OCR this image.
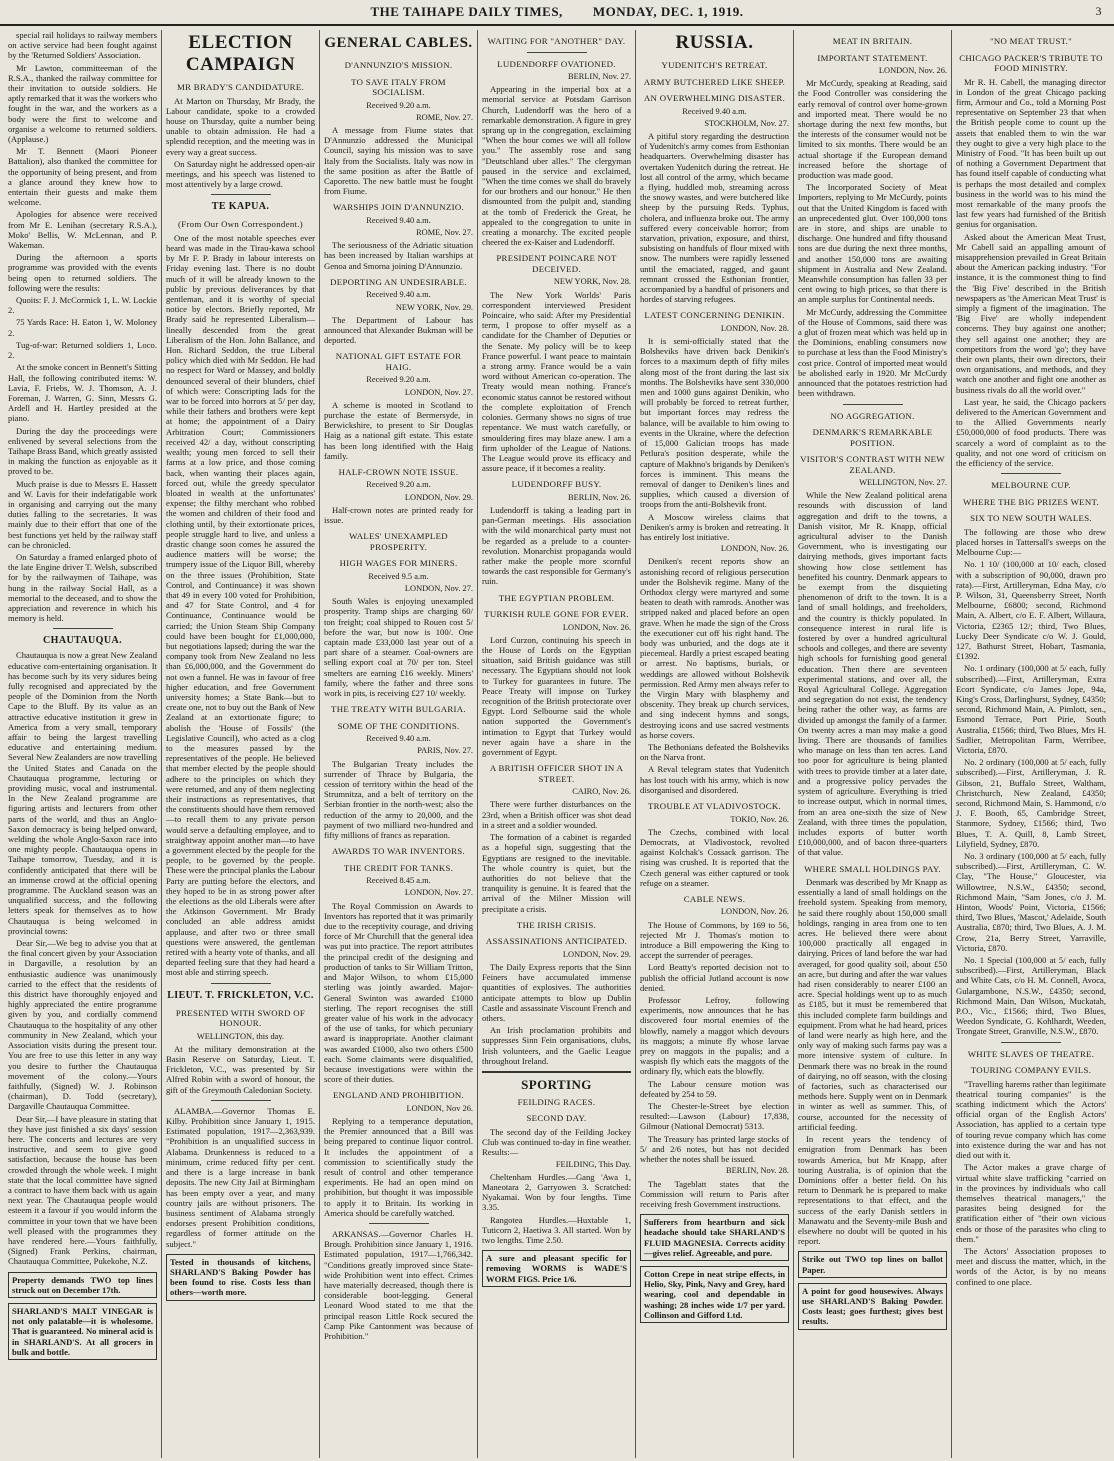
THE TAIHAPE DAILY TIMES, MONDAY, DEC. 1, 1919.	3

special rail holidays to railway members on active service had been fought against by the 'Returned Soldiers' Association.

Mr Lawton, committeeman of the R.S.A., thanked the railway committee for their invitation to outside soldiers. He aptly remarked that it was the workers who fought in the war, and the workers as a body were the first to welcome and organise a welcome to returned soldiers. (Applause.)

Mr T. Bennett (Maori Pioneer Battalion), also thanked the committee for the opportunity of being present, and from a glance around they knew how to entertain their guests and make them welcome.

Apologies for absence were received from Mr E. Lenihan (secretary R.S.A.), Moko' Bellis, W. McLennan, and P. Wakeman.

During the afternoon a sports programme was provided with the events being open to returned soldiers. The following were the results:

Quoits: F. J. McCormick 1, L. W. Lockie 2.

75 Yards Race: H. Eaton 1, W. Moloney 2.

Tug-of-war: Returned soldiers 1, Loco. 2.

At the smoke concert in Bennett's Sitting Hall, the following contributed items: W. Lavia, F. Friebs, W. J. Thomson, A. J. Foreman, J. Warren, G. Sinn, Messrs G. Ardell and H. Hartley presided at the piano.

During the day the proceedings were enlivened by several selections from the Taihape Brass Band, which greatly assisted in making the function as enjoyable as it proved to be.

Much praise is due to Messrs E. Hassett and W. Lavis for their indefatigable work in organising and carrying out the many duties falling to the secretaries. It was mainly due to their effort that one of the best functions yet held by the railway staff can be chronicled.

On Saturday a framed enlarged photo of the late Engine driver T. Welsh, subscribed for by the railwaymen of Taihape, was hung in the railway Social Hall, as a memorial to the deceased, and to show the appreciation and reverence in which his memory is held.

CHAUTAUQUA.

Chautauqua is now a great New Zealand educative com-entertaining organisation. It has become such by its very sidures being fully recognised and appreciated by the people of the Dominion from the North Cape to the Bluff. By its value as an attractive educative institution it grew in America from a very small, temporary affair to being the largest travelling educative and entertaining medium. Several New Zealanders are now travelling the United States and Canada on the Chautauqua programme, lecturing or providing music, vocal and instrumental. In the New Zealand programme are figuring artists and lecturers from other parts of the world, and thus an Anglo-Saxon democracy is being helped onward, welding the whole Anglo-Saxon race into one mighty people. Chautauqua opens in Taihape tomorrow, Tuesday, and it is confidently anticipated that there will be an immense crowd at the official opening programme. The Auckland season was an unqualified success, and the following letters speak for themselves as to how Chautauqua is being welcomed in provincial towns:

Dear Sir,—We beg to advise you that at the final concert given by your Association in Dargaville, a resolution by an enthusiastic audience was unanimously carried to the effect that the residents of this district have thoroughly enjoyed and highly appreciated the entire programme given by you, and cordially commend Chautauqua to the hospitality of any other community in New Zealand, which your Association visits during the present tour. You are free to use this letter in any way you desire to further the Chautauqua movement of the colony.—Yours faithfully, (Signed) W. J. Robinson (chairman), D. Todd (secretary), Dargaville Chautauqua Committee.

Dear Sir,—I have pleasure in stating that they have just finished a six days' session here. The concerts and lectures are very instructive, and seem to give good satisfaction, because the house has been crowded through the whole week. I might state that the local committee have signed a contract to have them back with us again next year. The Chautauqua people would esteem it a favour if you would inform the committee in your town that we have been well pleased with the programmes they have rendered here.—Yours faithfully, (Signed) Frank Perkins, chairman, Chautauqua Committee, Pukekohe, N.Z.

Property demands TWO top lines struck out on December 17th.

SHARLAND'S MALT VINEGAR is not only palatable—it is wholesome. That is guaranteed. No mineral acid is in SHARLAND'S. At all grocers in bulk and bottle.

ELECTION CAMPAIGN
MR BRADY'S CANDIDATURE.

At Marton on Thursday, Mr Brady, the Labour candidate, spoke to a crowded house on Thursday, quite a number being unable to obtain admission. He had a splendid reception, and the meeting was in every way a great success.

On Saturday night he addressed open-air meetings, and his speech was listened to most attentively by a large crowd.

TE KAPUA.
(From Our Own Correspondent.)

One of the most notable speeches ever heard was made in the Tirau-kawa school by Mr F. P. Brady in labour interests on Friday evening last. There is no doubt much of it will be already known to the public by previous deliverances by that gentleman, and it is worthy of special notice by electors. Briefly reported, Mr Brady said he represented Liberalism—lineally descended from the great Liberalism of the Hon. John Ballance, and Hon. Richard Seddon, the true Liberal policy which died with Mr Seddon. He had no respect for Ward or Massey, and boldly denounced several of their blunders, chief of which were: Conscripting lads for the war to be forced into horrors at 5/ per day, while their fathers and brothers were kept at home; the appointment of a Dairy Arbitration Court; Commissioners received 42/ a day, without conscripting wealth; young men forced to sell their farms at a low price, and those coming back, when wanting their places again, forced out, while the greedy speculator bloated in wealth at the unfortunates' expense; the filthy merchant who robbed the women and children of their food and clothing until, by their extortionate prices, people struggle hard to live, and unless a drastic change soon comes he assured the audience matters will be worse; the trumpery issue of the Liquor Bill, whereby on the three issues (Prohibition, State Control, and Continuance) it was shown that 49 in every 100 voted for Prohibition, and 47 for State Control, and 4 for Continuance, Continuance would be carried; the Union Steam Ship Company could have been bought for £1,000,000, but negotiations lapsed; during the war the company took from New Zealand no less than £6,000,000, and the Government do not own a funnel. He was in favour of free higher education, and free Government university homes; a State Bank—but to create one, not to buy out the Bank of New Zealand at an extortionate figure; to abolish the 'House of Fossils' (the Legislative Council), who acted as a clog to the measures passed by the representatives of the people. He believed that member elected by the people should adhere to the principles on which they were returned, and any of them neglecting their instructions as representatives, that the constituents should have them removed—to recall them to any private person would serve a defaulting employee, and to straightway appoint another man—to have a government elected by the people for the people, to be governed by the people. These were the principal planks the Labour Party are putting before the electors, and they hoped to be in as strong power after the elections as the old Liberals were after the Atkinson Government. Mr Brady concluded an able address amidst applause, and after two or three small questions were answered, the gentleman retired with a hearty vote of thanks, and all departed feeling sure that they had heard a most able and stirring speech.

LIEUT. T. FRICKLETON, V.C.
PRESENTED WITH SWORD OF HONOUR.

WELLINGTON, this day.

At the military demonstration at the Basin Reserve on Saturday, Lieut. T. Frickleton, V.C., was presented by Sir Alfred Robin with a sword of honour, the gift of the Greymouth Caledonian Society.

ALAMBA.—Governor Thomas E. Kilby. Prohibition since January 1, 1915. Estimated population, 1917—2,363,939. "Prohibition is an unqualified success in Alabama. Drunkenness is reduced to a minimum, crime reduced fifty per cent. and there is a large increase in bank deposits. The new City Jail at Birmingham has been empty over a year, and many country jails are without prisoners. The business sentiment of Alabama strongly endorses present Prohibition conditions, regardless of former attitude on the subject."

Tested in thousands of kitchens, SHARLAND'S Baking Powder has been found to rise. Costs less than others—worth more.

GENERAL CABLES.
D'ANNUNZIO'S MISSION.
TO SAVE ITALY FROM SOCIALISM.

Received 9.20 a.m.

ROME, Nov. 27.

A message from Fiume states that D'Annunzio addressed the Municipal Council, saying his mission was to save Italy from the Socialists. Italy was now in the same position as after the Battle of Caporetto. The new battle must be fought from Fiume.

WARSHIPS JOIN D'ANNUNZIO.

Received 9.40 a.m.

ROME, Nov. 27.

The seriousness of the Adriatic situation has been increased by Italian warships at Genoa and Smorna joining D'Annunzio.

DEPORTING AN UNDESIRABLE.

Received 9.40 a.m.

NEW YORK, Nov. 29.

The Department of Labour has announced that Alexander Bukman will be deported.

NATIONAL GIFT ESTATE FOR HAIG.

Received 9.20 a.m.

LONDON, Nov. 27.

A scheme is mooted in Scotland to purchase the estate of Bermersyde, in Berwickshire, to present to Sir Douglas Haig as a national gift estate. This estate has been long identified with the Haig family.

HALF-CROWN NOTE ISSUE.

Received 9.20 a.m.

LONDON, Nov. 29.

Half-crown notes are printed ready for issue.

WALES' UNEXAMPLED PROSPERITY.
HIGH WAGES FOR MINERS.

Received 9.5 a.m.

LONDON, Nov. 27.

South Wales is enjoying unexampled prosperity. Tramp ships are charging 60/ ton freight; coal shipped to Rouen cost 5/ before the war, but now is 100/. One captain made £33,000 last year out of a part share of a steamer. Coal-owners are selling export coal at 70/ per ton. Steel smelters are earning £16 weekly. Miners' family, where the father and three sons work in pits, is receiving £27 10/ weekly.

THE TREATY WITH BULGARIA.
SOME OF THE CONDITIONS.

Received 9.40 a.m.

PARIS, Nov. 27.

The Bulgarian Treaty includes the surrender of Thrace by Bulgaria, the cession of territory within the head of the Strumnitza, and a belt of territory on the Serbian frontier in the north-west; also the reduction of the army to 20,000, and the payment of two milliard two-hundred and fifty millions of francs as reparation.

AWARDS TO WAR INVENTORS.
THE CREDIT FOR TANKS.

Received 8.45 a.m.

LONDON, Nov. 27.

The Royal Commission on Awards to Inventors has reported that it was primarily due to the receptivity courage, and driving force of Mr Churchill that the general idea was put into practice. The report attributes the principal credit of the designing and production of tanks to Sir William Tritton, and Major Wilson, to whom £15,000 sterling was jointly awarded. Major-General Swinton was awarded £1000 sterling. The report recognises the still greater value of his work in the advocacy of the use of tanks, for which pecuniary award is inappropriate. Another claimant was awarded £1000, also two others £500 each. Some claimants were disqualified, because investigations were within the score of their duties.

ENGLAND AND PROHIBITION.

LONDON, Nov 26.

Replying to a temperance deputation, the Premier announced that a Bill was being prepared to continue liquor control. It includes the appointment of a commission to scientifically study the result of control and other temperance experiments. He had an open mind on prohibition, but thought it was impossible to apply it to Britain. Its working in America should be carefully watched.

ARKANSAS.—Governor Charles H. Brough. Prohibition since January 1, 1916. Estimated population, 1917—1,766,342. "Conditions greatly improved since State-wide Prohibition went into effect. Crimes have materially decreased, though there is considerable boot-legging. General Leonard Wood stated to me that the principal reason Little Rock secured the Camp Pike Cantonment was because of Prohibition."

WAITING FOR "ANOTHER" DAY.
LUDENDORFF OVATIONED.

BERLIN, Nov. 27.

Appearing in the imperial box at a memorial service at Potsdam Garrison Church, Ludendorff was the hero of a remarkable demonstration. A figure in grey sprang up in the congregation, exclaiming "When the hour comes we will all follow you." The assembly rose and sang "Deutschland uber alles." The clergyman paused in the service and exclaimed, "When the time comes we shall do bravely for our brothers and our honour." He then dismounted from the pulpit and, standing at the tomb of Frederick the Great, he appealed to the congregation to unite in creating a monarchy. The excited people cheered the ex-Kaiser and Ludendorff.

PRESIDENT POINCARE NOT DECEIVED.

NEW YORK, Nov. 28.

The New York Worlds' Paris correspondent interviewed President Poincaire, who said: After my Presidential term, I propose to offer myself as a candidate for the Chamber of Deputies or the Senate. My policy will be to keep France powerful. I want peace to maintain a strong army. France would be a vain word without American co-operation. The Treaty would mean nothing. France's economic status cannot be restored without the complete exploitation of French colonies. Germany shows no signs of true repentance. We must watch carefully, or smouldering fires may blaze anew. I am a firm upholder of the League of Nations. The League would prove its efficacy and assure peace, if it becomes a reality.

LUDENDORFF BUSY.

BERLIN, Nov. 26.

Ludendorff is taking a leading part in pan-German meetings. His association with the wild monarchical party must not be regarded as a prelude to a counter-revolution. Monarchist propaganda would rather make the people more scornful towards the cast responsible for Germany's ruin.

THE EGYPTIAN PROBLEM.
TURKISH RULE GONE FOR EVER.

LONDON, Nov. 26.

Lord Curzon, continuing his speech in the House of Lords on the Egyptian situation, said British guidance was still necessary. The Egyptians should not look to Turkey for guarantees in future. The Peace Treaty will impose on Turkey recognition of the British protectorate over Egypt. Lord Selbourne said the whole nation supported the Government's intimation to Egypt that Turkey would never again have a share in the government of Egypt.

A BRITISH OFFICER SHOT IN A STREET.

CAIRO, Nov. 26.

There were further disturbances on the 23rd, when a British officer was shot dead in a street and a soldier wounded.

The formation of a cabinet is regarded as a hopeful sign, suggesting that the Egyptians are resigned to the inevitable. The whole country is quiet, but the authorities do not believe that the tranquility is genuine. It is feared that the arrival of the Milner Mission will precipitate a crisis.

THE IRISH CRISIS.
ASSASSINATIONS ANTICIPATED.

LONDON, Nov. 29.

The Daily Express reports that the Sinn Feiners have accumulated immense quantities of explosives. The authorities anticipate attempts to blow up Dublin Castle and assassinate Viscount French and others.

An Irish proclamation prohibits and suppresses Sinn Fein organisations, clubs, Irish volunteers, and the Gaelic League throughout Ireland.

SPORTING
FEILDING RACES.
SECOND DAY.

The second day of the Feilding Jockey Club was continued to-day in fine weather. Results:—

FEILDING, This Day.

Cheltenham Hurdles.—Gang 'Awa 1, Maneotara 2, Garryowen 3. Scratched: Nyakamai. Won by four lengths. Time 3.35.

Rangotea Hurdles.—Huxtable 1, Tuticorn 2, Haetiwa 3. All started. Won by two lengths. Time 2.50.

A sure and pleasant specific for removing WORMS is WADE'S WORM FIGS. Price 1/6.

RUSSIA.
YUDENITCH'S RETREAT.
ARMY BUTCHERED LIKE SHEEP.
AN OVERWHELMING DISASTER.

Received 9.40 a.m.

STOCKHOLM, Nov. 27.

A pitiful story regarding the destruction of Yudenitch's army comes from Esthonian headquarters. Overwhelming disaster has overtaken Yudenitch during the retreat. He lost all control of the army, which became a flying, huddled mob, streaming across the snowy wastes, and were butchered like sheep by the pursuing Reds. Typhus, cholera, and influenza broke out. The army suffered every conceivable horror; from starvation, privation, exposure, and thirst, subsisting on handfuls of flour mixed with snow. The numbers were rapidly lessened until the emaciated, ragged, and gaunt remnant crossed the Esthonian frontier, accompanied by a handful of prisoners and hordes of starving refugees.

LATEST CONCERNING DENIKIN.

LONDON, Nov. 28.

It is semi-officially stated that the Bolsheviks have driven back Denikin's forces to a maximum depth of fifty miles along most of the front during the last six months. The Bolsheviks have sent 330,000 men and 1000 guns against Denikin, who will probably be forced to retreat further, but important forces may redress the balance, will be available to him owing to events in the Ukraine, where the defection of 15,000 Galician troops has made Petlura's position desperate, while the capture of Makhno's brigands by Deniken's forces is imminent. This means the removal of danger to Deniken's lines and supplies, which caused a diversion of troops from the anti-Bolshevik front.

A Moscow wireless claims that Deniken's army is broken and retreating. It has entirely lost initiative.

LONDON, Nov. 26.

Deniken's recent reports show an astonishing record of religious persecution under the Bolshevik regime. Many of the Orthodox clergy were martyred and some beaten to death with ramrods. Another was stripped naked and placed before an open grave. When he made the sign of the Cross the executioner cut off his right hand. The body was unburied, and the dogs ate it piecemeal. Hardly a priest escaped beating or arrest. No baptisms, burials, or weddings are allowed without Bolshevik permission. Red Army men always refer to the Virgin Mary with blasphemy and obscenity. They break up church services, and sing indecent hymns and songs, destroying icons and use sacred vestments as horse covers.

The Bethonians defeated the Bolsheviks on the Narva front.

A Reval telegram states that Yudenitch has lost touch with his army, which is now disorganised and disordered.

TROUBLE AT VLADIVOSTOCK.

TOKIO, Nov. 26.

The Czechs, combined with local Democrats, at Vladivostock, revolted against Kolchak's Cossack garrison. The rising was crushed. It is reported that the Czech general was either captured or took refuge on a steamer.

CABLE NEWS.

LONDON, Nov. 26.

The House of Commons, by 169 to 56, rejected Mr J. Thomas's motion to introduce a Bill empowering the King to accept the surrender of peerages.

Lord Beatty's reported decision not to publish the official Jutland account is now denied.

Professor Lefroy, following experiments, now announces that he has discovered four mortal enemies of the blowfly, namely a maggot which devours its maggots; a minute fly whose larvae prey on maggots in the pupalis; and a waspish fly which eats the maggots of the ordinary fly, which eats the blowfly.

The Labour censure motion was defeated by 254 to 59.

The Chester-le-Street bye election resulted:—Lawson (Labour) 17,838, Gilmour (National Democrat) 5313.

The Treasury has printed large stocks of 5/ and 2/6 notes, but has not decided whether the notes shall be issued.

BERLIN, Nov. 28.

The Tageblatt states that the Commission will return to Paris after receiving fresh Government instructions.

Sufferers from heartburn and sick headache should take SHARLAND'S FLUID MAGNESIA. Corrects acidity—gives relief. Agreeable, and pure.

Cotton Crepe in neat stripe effects, in Helio, Sky, Pink, Navy and Grey, hard wearing, cool and dependable in washing; 28 inches wide 1/7 per yard. Collinson and Gifford Ltd.

MEAT IN BRITAIN.
IMPORTANT STATEMENT.

LONDON, Nov. 26.

Mr McCurdy, speaking at Reading, said the Food Controller was considering the early removal of control over home-grown and imported meat. There would be no shortage during the next few months, but the interests of the consumer would not be limited to six months. There would be an actual shortage if the European demand increased before the shortage of production was made good.

The Incorporated Society of Meat Importers, replying to Mr McCurdy, points out that the United Kingdom is faced with an unprecedented glut. Over 100,000 tons are in store, and ships are unable to discharge. One hundred and fifty thousand tons are due during the next three months, and another 150,000 tons are awaiting shipment in Australia and New Zealand. Meanwhile consumption has fallen 33 per cent owing to high prices, so that there is an ample surplus for Continental needs.

Mr McCurdy, addressing the Committee of the House of Commons, said there was a glut of frozen meat which was held up in the Dominions, enabling consumers now to purchase at less than the Food Ministry's cost price. Control of imported meat would be abolished early in 1920. Mr McCurdy announced that the potatoes restriction had been withdrawn.

NO AGGREGATION.
DENMARK'S REMARKABLE POSITION.
VISITOR'S CONTRAST WITH NEW ZEALAND.

WELLINGTON, Nov. 27.

While the New Zealand political arena resounds with discussion of land aggregation and drift to the towns, a Danish visitor, Mr R. Knapp, official agricultural adviser to the Danish Government, who is investigating our dairying methods, gives important facts showing how close settlement has benefited his country. Denmark appears to be exempt from the disquieting phenomenon of drift to the town. It is a land of small holdings, and freeholders, and the country is thickly populated. In consequence interest in rural life is fostered by over a hundred agricultural schools and colleges, and there are seventy high schools for furnishing good general education. Then there are seventeen experimental stations, and over all, the Royal Agricultural College. Aggregation and segregation do not exist, the tendency being rather the other way, as farms are divided up amongst the family of a farmer. On twenty acres a man may make a good living. There are thousands of families who manage on less than ten acres. Land too poor for agriculture is being planted with trees to provide timber at a later date, and a progressive policy pervades the system of agriculture. Everything is tried to increase output, which in normal times, from an area one-sixth the size of New Zealand, with three times the population, includes exports of butter worth £10,000,000, and of bacon three-quarters of that value.

WHERE SMALL HOLDINGS PAY.

Denmark was described by Mr Knapp as essentially a land of small holdings on the freehold system. Speaking from memory, he said there roughly about 150,000 small holdings, ranging in area from one to ten acres. He believed there were about 100,000 practically all engaged in dairying. Prices of land before the war had averaged, for good quality soil, about £50 an acre, but during and after the war values had risen considerably to nearer £100 an acre. Special holdings went up to as much as £185, but it must be remembered that this included complete farm buildings and equipment. From what he had heard, prices of land were nearly as high here, and the only way of making such farms pay was a more intensive system of culture. In Denmark there was no break in the round of dairying, no off season, with the closing of factories, such as characterised our methods here. Supply went on in Denmark in winter as well as summer. This, of course, accounted for the necessity of artificial feeding.

In recent years the tendency of emigration from Denmark has been towards America, but Mr Knapp, after touring Australia, is of opinion that the Dominions offer a better field. On his return to Denmark he is prepared to make representations to that effect, and the success of the early Danish settlers in Manawatu and the Seventy-mile Bush and elsewhere no doubt will be quoted in his report.

Strike out TWO top lines on ballot Paper.

A point for good housewives. Always use SHARLAND'S Baking Powder. Costs least; goes furthest; gives best results.

"NO MEAT TRUST."
CHICAGO PACKER'S TRIBUTE TO FOOD MINISTRY.

Mr R. H. Cabell, the managing director in London of the great Chicago packing firm, Armour and Co., told a Morning Post representative on September 23 that when the British people come to count up the assets that enabled them to win the war they ought to give a very high place to the Ministry of Food. "It has been built up out of nothing a Government Department that has found itself capable of conducting what is perhaps the most detailed and complex business in the world was to his mind the most remarkable of the many proofs the last few years had furnished of the British genius for organisation.

Asked about the American Meat Trust, Mr Cabell said an appalling amount of misapprehension prevailed in Great Britain about the American packing industry. "For instance, it is the commonest thing to find the 'Big Five' described in the British newspapers as 'the American Meat Trust' is simply a figment of the imagination. The 'Big Five' are wholly independent concerns. They buy against one another; they sell against one another; they are competitors from the word 'go'; they have their own plants, their own directors, their own organisations, and methods, and they watch one another and fight one another as business rivals do all the world over."

Last year, he said, the Chicago packers delivered to the American Government and to the Allied Governments nearly £50,000,000 of food products. There was scarcely a word of complaint as to the quality, and not one word of criticism on the efficiency of the service.

MELBOURNE CUP.
WHERE THE BIG PRIZES WENT.
SIX TO NEW SOUTH WALES.

The following are those who drew placed horses in Tattersall's sweeps on the Melbourne Cup:—

No. 1 10/ (100,000 at 10/ each, closed with a subscription of 90,000, drawn pro rata).—First, Artilleryman, Edna May, c/o P. Wilson, 31, Queensberry Street, North Melbourne, £6800; second, Richmond Main, A. Albert, c/o E. F. Albert, Willaura, Victoria, £2365 12/; third, Two Blues, Lucky Deer Syndicate c/o W. J. Gould, 127, Bathurst Street, Hobart, Tasmania, £1392.

No. 1 ordinary (100,000 at 5/ each, fully subscribed).—First, Artilleryman, Extra Ecort Syndicate, c/o James Jope, 94a, King's Cross, Darlinghurst, Sydney, £4350; second, Richmond Main, A. Pimlott, sen., Esmond Terrace, Port Pirie, South Australia, £1566; third, Two Blues, Mrs H. Sadlier, Metropolitan Farm, Werribee, Victoria, £870.

No. 2 ordinary (100,000 at 5/ each, fully subscribed).—First, Artilleryman, J. R. Gibson, 21, Buffalo Street, Waltham, Christchurch, New Zealand, £4350; second, Richmond Main, S. Hammond, c/o J. F. Booth, 65, Cambridge Street, Stanmore, Sydney, £1566; third, Two Blues, T. A. Quill, 8, Lamb Street, Lilyfield, Sydney, £870.

No. 3 ordinary (100,000 at 5/ each, fully subscribed).—First, Artilleryman, C. W. Clay, "The House," Gloucester, via Willowtree, N.S.W., £4350; second, Richmond Main, "Sam Jones, c/o J. M. Hinton, Woods' Point, Victoria, £1566; third, Two Blues, 'Mascot,' Adelaide, South Australia, £870; third, Two Blues, A. J. M. Crow, 21a, Berry Street, Yarraville, Victoria, £870.

No. 1 Special (100,000 at 5/ each, fully subscribed).—First, Artilleryman, Black and White Cats, c/o H. M. Connell, Avoca, Gulargambone, N.S.W., £4350; second, Richmond Main, Dan Wilson, Muckatah, P.O., Vic., £1566; third, Two Blues, Weedon Syndicate, G. Kohlhardt, Weeden, Trongate Street, Granville, N.S.W., £870.

WHITE SLAVES OF THEATRE.
TOURING COMPANY EVILS.

"Travelling harems rather than legitimate theatrical touring companies" is the scathing indictment which the Actors' official organ of the English Actors' Association, has applied to a certain type of touring revue company which has come into existence during the war and has not died out with it.

The Actor makes a grave charge of virtual white slave trafficking "carried on in the provinces by individuals who call themselves theatrical managers," the parasites being designed for the gratification either of "their own vicious ends or those of the parasites who cling to them."

The Actors' Association proposes to meet and discuss the matter, which, in the words of the Actor, is by no means confined to one place.
